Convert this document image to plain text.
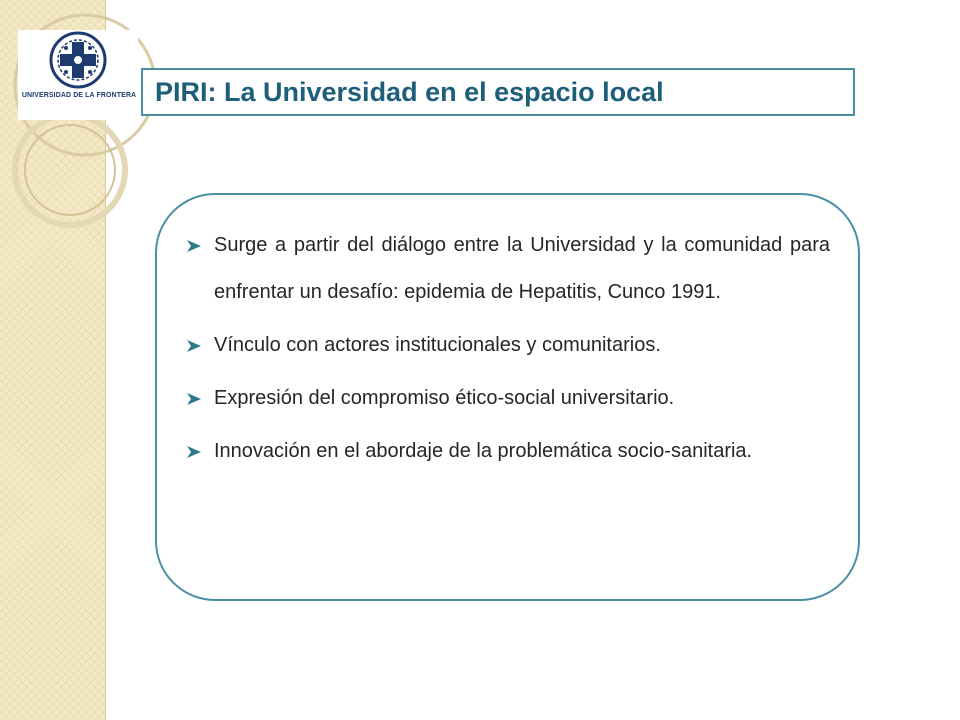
UNIVERSIDAD DE LA FRONTERA PIRI: La Universidad en el espacio local
Surge a partir del diálogo entre la Universidad y la comunidad para enfrentar un desafío: epidemia de Hepatitis, Cunco 1991.
Vínculo con actores institucionales y comunitarios.
Expresión del compromiso ético-social universitario.
Innovación en el abordaje de la problemática socio-sanitaria.
